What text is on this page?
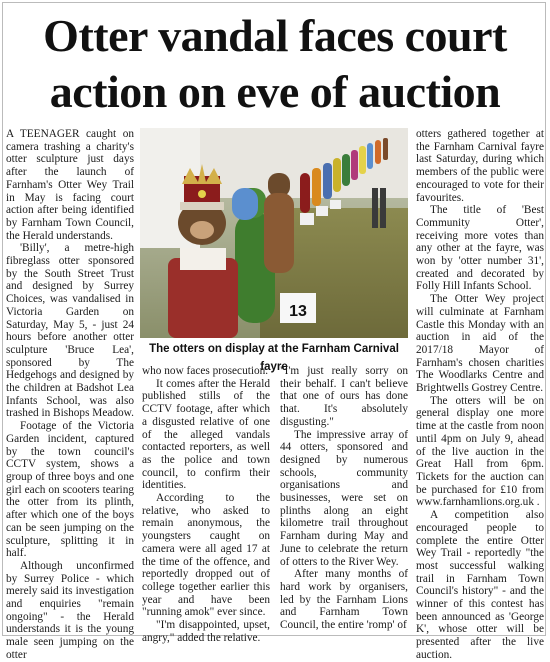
Otter vandal faces court
action on eve of auction

A TEENAGER caught on camera trashing a charity's otter sculpture just days after the launch of Farnham's Otter Wey Trail in May is facing court action after being identified by Farnham Town Council, the Herald understands.

'Billy', a metre-high fibreglass otter sponsored by the South Street Trust and designed by Surrey Choices, was vandalised in Victoria Garden on Saturday, May 5, - just 24 hours before another otter sculpture 'Bruce Lea', sponsored by The Hedgehogs and designed by the children at Badshot Lea Infants School, was also trashed in Bishops Meadow.

Footage of the Victoria Garden incident, captured by the town council's CCTV system, shows a group of three boys and one girl each on scooters tearing the otter from its plinth, after which one of the boys can be seen jumping on the sculpture, splitting it in half.

Although unconfirmed by Surrey Police - which merely said its investigation and enquiries "remain ongoing" - the Herald understands it is the young male seen jumping on the otter

13
The otters on display at the Farnham Carnival fayre

who now faces prosecution.

It comes after the Herald published stills of the CCTV footage, after which a disgusted relative of one of the alleged vandals contacted reporters, as well as the police and town council, to confirm their identities.

According to the relative, who asked to remain anonymous, the youngsters caught on camera were all aged 17 at the time of the offence, and reportedly dropped out of college together earlier this year and have been "running amok" ever since.

"I'm disappointed, upset, angry," added the relative.

"I'm just really sorry on their behalf. I can't believe that one of ours has done that. It's absolutely disgusting."

The impressive array of 44 otters, sponsored and designed by numerous schools, community organisations and businesses, were set on plinths along an eight kilometre trail throughout Farnham during May and June to celebrate the return of otters to the River Wey.

After many months of hard work by organisers, led by the Farnham Lions and Farnham Town Council, the entire 'romp' of

otters gathered together at the Farnham Carnival fayre last Saturday, during which members of the public were encouraged to vote for their favourites.

The title of 'Best Community Otter', receiving more votes than any other at the fayre, was won by 'otter number 31', created and decorated by Folly Hill Infants School.

The Otter Wey project will culminate at Farnham Castle this Monday with an auction in aid of the 2017/18 Mayor of Farnham's chosen charities The Woodlarks Centre and Brightwells Gostrey Centre.

The otters will be on general display one more time at the castle from noon until 4pm on July 9, ahead of the live auction in the Great Hall from 6pm. Tickets for the auction can be purchased for £10 from www.farnhamlions.org.uk .

A competition also encouraged people to complete the entire Otter Wey Trail - reportedly "the most successful walking trail in Farnham Town Council's history" - and the winner of this contest has been announced as 'George K', whose otter will be presented after the live auction.
